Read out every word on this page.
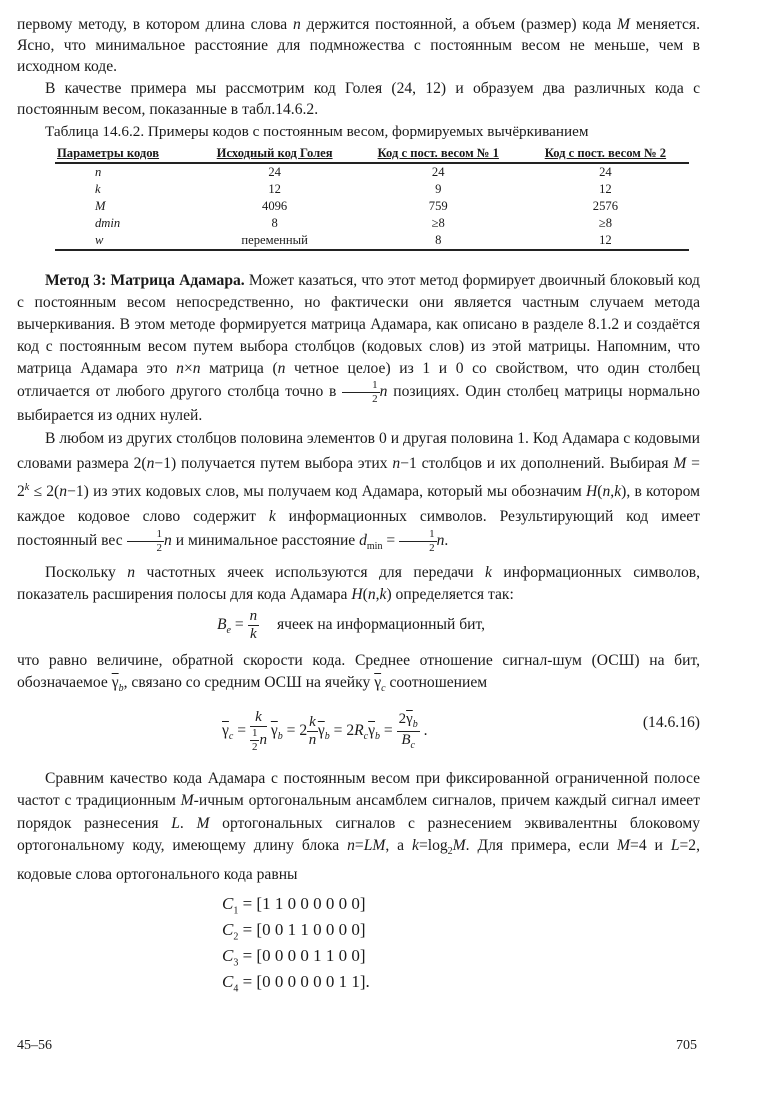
первому мeтоду, в котором длина слова n держится постоянной, а объем (размер) кода M меняется. Ясно, что минимальное расстояние для подмножества с постоянным весом не меньше, чем в исходном коде.

В качестве примера мы рассмотрим код Голея (24, 12) и образуем два различных кода с постоянным весом, показанные в табл.14.6.2.

Таблица 14.6.2. Примеры кодов с постоянным весом, формируемых вычёркиванием
Параметры кодов	Исходный код Голея	Код с пост. весом № 1	Код с пост. весом № 2
n	24	24	24
k	12	9	12
M	4096	759	2576
dmin	8	≥8	≥8
w	переменный	8	12

Метод 3: Матрица Адамара. Может казаться, что этот метод формирует двоичный блоковый код с постоянным весом непосредственно, но фактически они является частным случаем метода вычеркивания. В этом методе формируется матрица Адамара, как описано в разделе 8.1.2 и создаётся код с постоянным весом путем выбора столбцов (кодовых слов) из этой матрицы. Напомним, что матрица Адамара это n×n матрица (n четное целое) из 1 и 0 со свойством, что один столбец отличается от любого другого столбца точно в $\frac{1}{2}$ n позициях. Один столбец матрицы нормально выбирается из одних нулей.

В любом из других столбцов половина элементов 0 и другая половина 1. Код Адамара с кодовыми словами размера 2(n−1) получается путем выбора этих n−1 столбцов и их дополнений. Выбирая $M = 2^k \le 2(n-1)$ из этих кодовых слов, мы получаем код Адамара, который мы обозначим H(n,k), в котором каждое кодовое слово содержит k информационных символов. Результирующий код имеет постоянный вес $\frac{1}{2}$ n и минимальное расстояние $d_{min} = \frac{1}{2} n$.

Поскольку n частотных ячеек используются для передачи k информационных символов, показатель расширения полосы для кода Адамара H(n,k) определяется так:

$B_e = \frac{n}{k}$ ячеек на информационный бит,

что равно величине, обратной скорости кода. Среднее отношение сигнал-шум (ОСШ) на бит, обозначаемое $\overline{\gamma}_b$, связано со средним ОСШ на ячейку $\overline{\gamma}_c$ соотношением

$\overline{\gamma}_c = \frac{k}{\frac{1}{2} n} \overline{\gamma}_b = 2 \frac{k}{n} \overline{\gamma}_b = 2R_c\overline{\gamma}_b = \frac{2\overline{\gamma}_b}{B_c}$ .	(14.6.16)

Сравним качество кода Адамара с постоянным весом при фиксированной ограниченной полосе частот с традиционным M-ичным ортогональным ансамблем сигналов, причем каждый сигнал имеет порядок разнесения L. M ортогональных сигналов с разнесением эквивалентны блоковому ортогональному коду, имеющему длину блока n=LM, а $k=\log_2M$. Для примера, если M=4 и L=2, кодовые слова ортогонального кода равны

$C_1 = [1$ 1 0 0 0 0 0 0]
$C_2 = [0$ 0 1 1 0 0 0 0]
$C_3 = [0$ 0 0 0 1 1 0 0]
$C_4 = [0$ 0 0 0 0 0 1 1].
45–56	705
